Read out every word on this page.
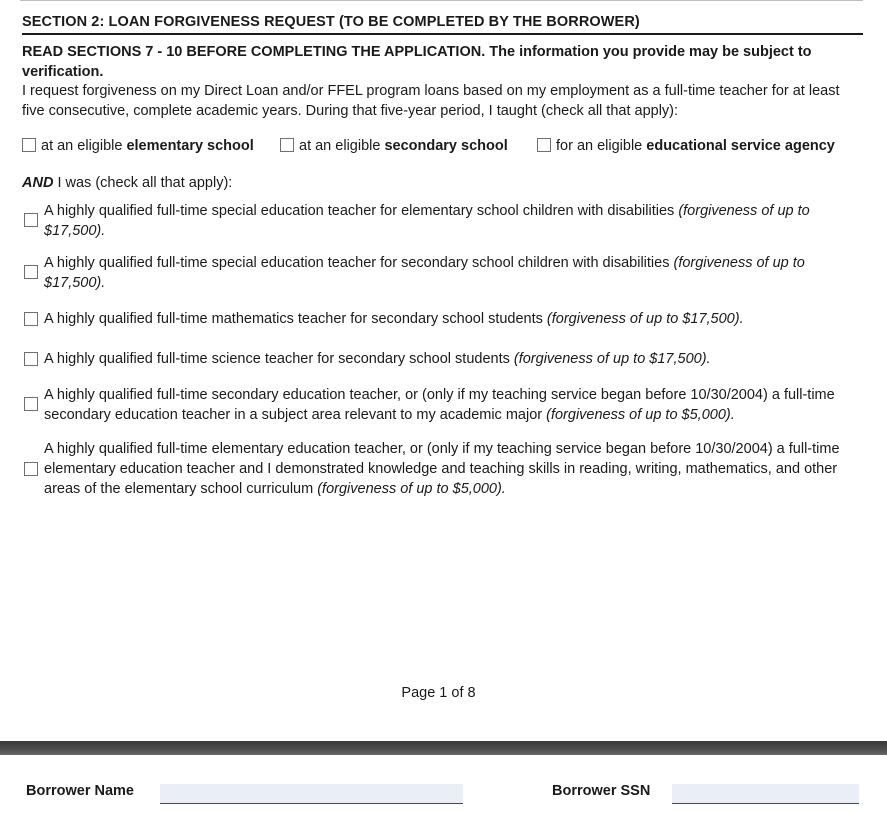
SECTION 2: LOAN FORGIVENESS REQUEST (TO BE COMPLETED BY THE BORROWER)
READ SECTIONS 7 - 10 BEFORE COMPLETING THE APPLICATION. The information you provide may be subject to verification.
I request forgiveness on my Direct Loan and/or FFEL program loans based on my employment as a full-time teacher for at least five consecutive, complete academic years. During that five-year period, I taught (check all that apply):
at an eligible elementary school	at an eligible secondary school	for an eligible educational service agency
AND I was (check all that apply):
A highly qualified full-time special education teacher for elementary school children with disabilities (forgiveness of up to $17,500).
A highly qualified full-time special education teacher for secondary school children with disabilities (forgiveness of up to $17,500).
A highly qualified full-time mathematics teacher for secondary school students (forgiveness of up to $17,500).
A highly qualified full-time science teacher for secondary school students (forgiveness of up to $17,500).
A highly qualified full-time secondary education teacher, or (only if my teaching service began before 10/30/2004) a full-time secondary education teacher in a subject area relevant to my academic major (forgiveness of up to $5,000).
A highly qualified full-time elementary education teacher, or (only if my teaching service began before 10/30/2004) a full-time elementary education teacher and I demonstrated knowledge and teaching skills in reading, writing, mathematics, and other areas of the elementary school curriculum (forgiveness of up to $5,000).
Page 1 of 8
Borrower Name	Borrower SSN
